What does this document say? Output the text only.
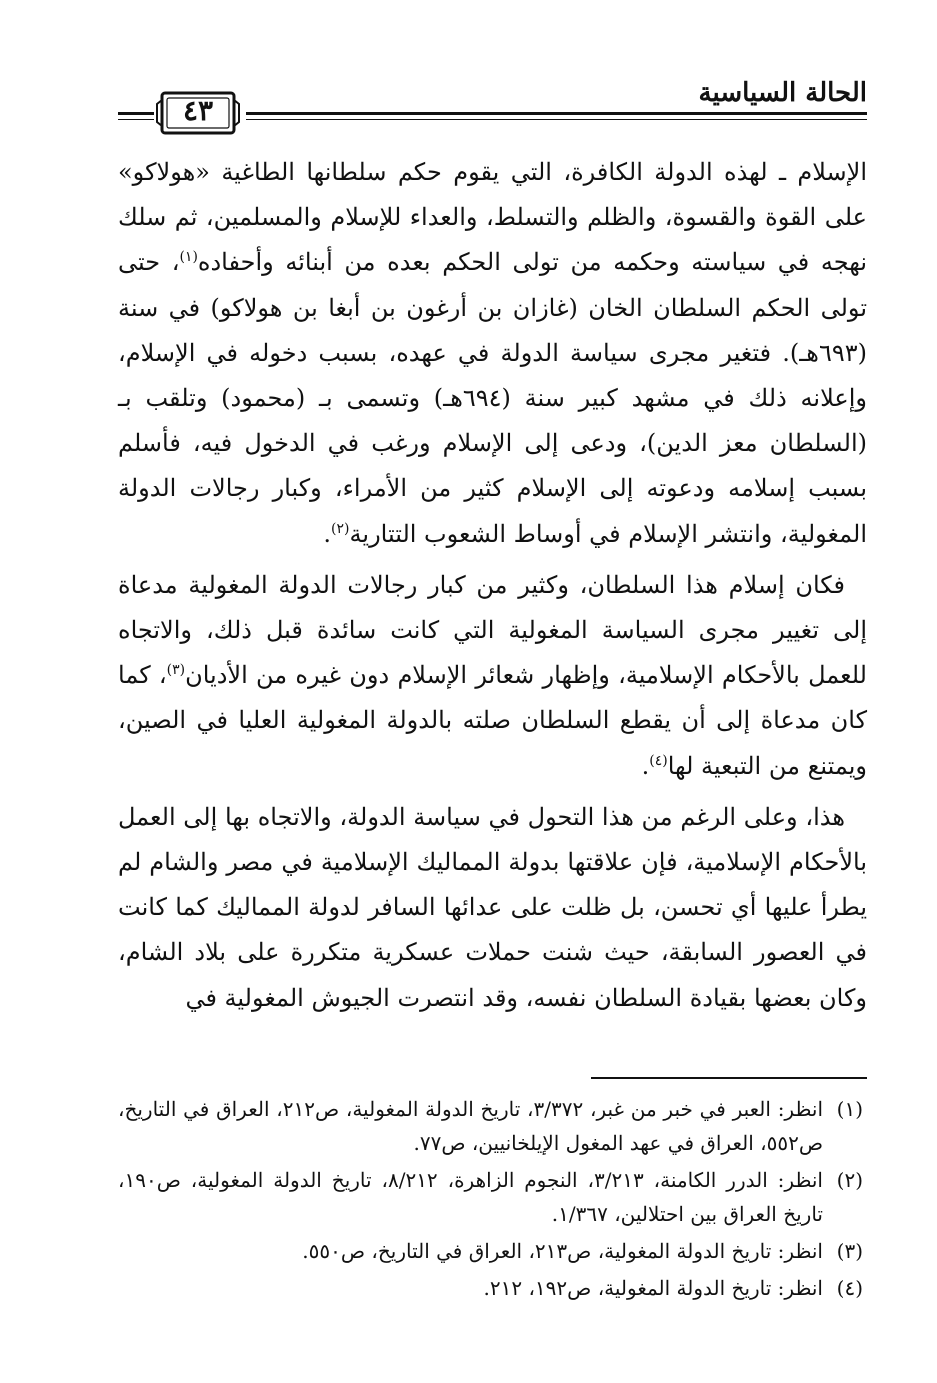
٤٣
الحالة السياسية

الإسلام ـ لهذه الدولة الكافرة، التي يقوم حكم سلطانها الطاغية «هولاكو» على القوة والقسوة، والظلم والتسلط، والعداء للإسلام والمسلمين، ثم سلك نهجه في سياسته وحكمه من تولى الحكم بعده من أبنائه وأحفاده$^{(١)}$، حتى تولى الحكم السلطان الخان (غازان بن أرغون بن أبغا بن هولاكو) في سنة (٦٩٣هـ). فتغير مجرى سياسة الدولة في عهده، بسبب دخوله في الإسلام، وإعلانه ذلك في مشهد كبير سنة (٦٩٤هـ) وتسمى بـ (محمود) وتلقب بـ (السلطان معز الدين)، ودعى إلى الإسلام ورغب في الدخول فيه، فأسلم بسبب إسلامه ودعوته إلى الإسلام كثير من الأمراء، وكبار رجالات الدولة المغولية، وانتشر الإسلام في أوساط الشعوب التتارية$^{(٢)}$.

فكان إسلام هذا السلطان، وكثير من كبار رجالات الدولة المغولية مدعاة إلى تغيير مجرى السياسة المغولية التي كانت سائدة قبل ذلك، والاتجاه للعمل بالأحكام الإسلامية، وإظهار شعائر الإسلام دون غيره من الأديان$^{(٣)}$، كما كان مدعاة إلى أن يقطع السلطان صلته بالدولة المغولية العليا في الصين، ويمتنع من التبعية لها$^{(٤)}$.

هذا، وعلى الرغم من هذا التحول في سياسة الدولة، والاتجاه بها إلى العمل بالأحكام الإسلامية، فإن علاقتها بدولة المماليك الإسلامية في مصر والشام لم يطرأ عليها أي تحسن، بل ظلت على عدائها السافر لدولة المماليك كما كانت في العصور السابقة، حيث شنت حملات عسكرية متكررة على بلاد الشام، وكان بعضها بقيادة السلطان نفسه، وقد انتصرت الجيوش المغولية في

(١)
انظر: العبر في خبر من غبر، ٣/٣٧٢، تاريخ الدولة المغولية، ص٢١٢، العراق في التاريخ، ص٥٥٢، العراق في عهد المغول الإيلخانيين، ص٧٧.
(٢)
انظر: الدرر الكامنة، ٣/٢١٣، النجوم الزاهرة، ٨/٢١٢، تاريخ الدولة المغولية، ص١٩٠، تاريخ العراق بين احتلالين، ١/٣٦٧.
(٣)
انظر: تاريخ الدولة المغولية، ص٢١٣، العراق في التاريخ، ص٥٥٠.
(٤)
انظر: تاريخ الدولة المغولية، ص١٩٢، ٢١٢.
